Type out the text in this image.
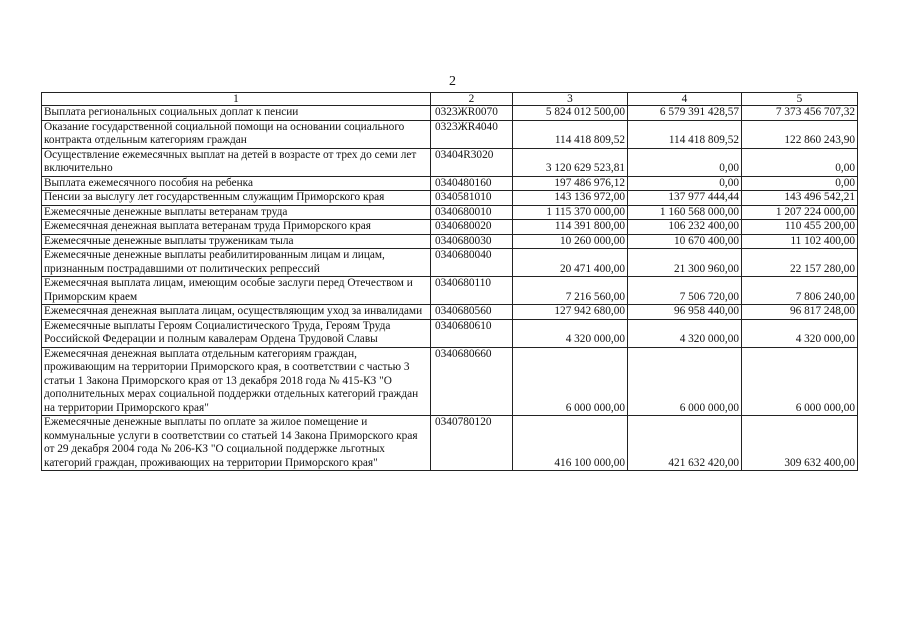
2
1	2	3	4	5
Выплата региональных социальных доплат к пенсии	0323ЖR0070	5 824 012 500,00	6 579 391 428,57	7 373 456 707,32
Оказание государственной социальной помощи на основании социального контракта отдельным категориям граждан	0323ЖR4040	114 418 809,52	114 418 809,52	122 860 243,90
Осуществление ежемесячных выплат на детей в возрасте от трех до семи лет включительно	03404R3020	3 120 629 523,81	0,00	0,00
Выплата ежемесячного пособия на ребенка	0340480160	197 486 976,12	0,00	0,00
Пенсии за выслугу лет государственным служащим Приморского края	0340581010	143 136 972,00	137 977 444,44	143 496 542,21
Ежемесячные денежные выплаты ветеранам труда	0340680010	1 115 370 000,00	1 160 568 000,00	1 207 224 000,00
Ежемесячная денежная выплата ветеранам труда Приморского края	0340680020	114 391 800,00	106 232 400,00	110 455 200,00
Ежемесячные денежные выплаты труженикам тыла	0340680030	10 260 000,00	10 670 400,00	11 102 400,00
Ежемесячные денежные выплаты реабилитированным лицам и лицам, признанным пострадавшими от политических репрессий	0340680040	20 471 400,00	21 300 960,00	22 157 280,00
Ежемесячная выплата лицам, имеющим особые заслуги перед Отечеством и Приморским краем	0340680110	7 216 560,00	7 506 720,00	7 806 240,00
Ежемесячная денежная выплата лицам, осуществляющим уход за инвалидами	0340680560	127 942 680,00	96 958 440,00	96 817 248,00
Ежемесячные выплаты Героям Социалистического Труда, Героям Труда Российской Федерации и полным кавалерам Ордена Трудовой Славы	0340680610	4 320 000,00	4 320 000,00	4 320 000,00
Ежемесячная денежная выплата отдельным категориям граждан, проживающим на территории Приморского края, в соответствии с частью 3 статьи 1 Закона Приморского края от 13 декабря 2018 года № 415-КЗ "О дополнительных мерах социальной поддержки отдельных категорий граждан на территории Приморского края"	0340680660	6 000 000,00	6 000 000,00	6 000 000,00
Ежемесячные денежные выплаты по оплате за жилое помещение и коммунальные услуги в соответствии со статьей 14 Закона Приморского края от 29 декабря 2004 года № 206-КЗ "О социальной поддержке льготных категорий граждан, проживающих на территории Приморского края"	0340780120	416 100 000,00	421 632 420,00	309 632 400,00
